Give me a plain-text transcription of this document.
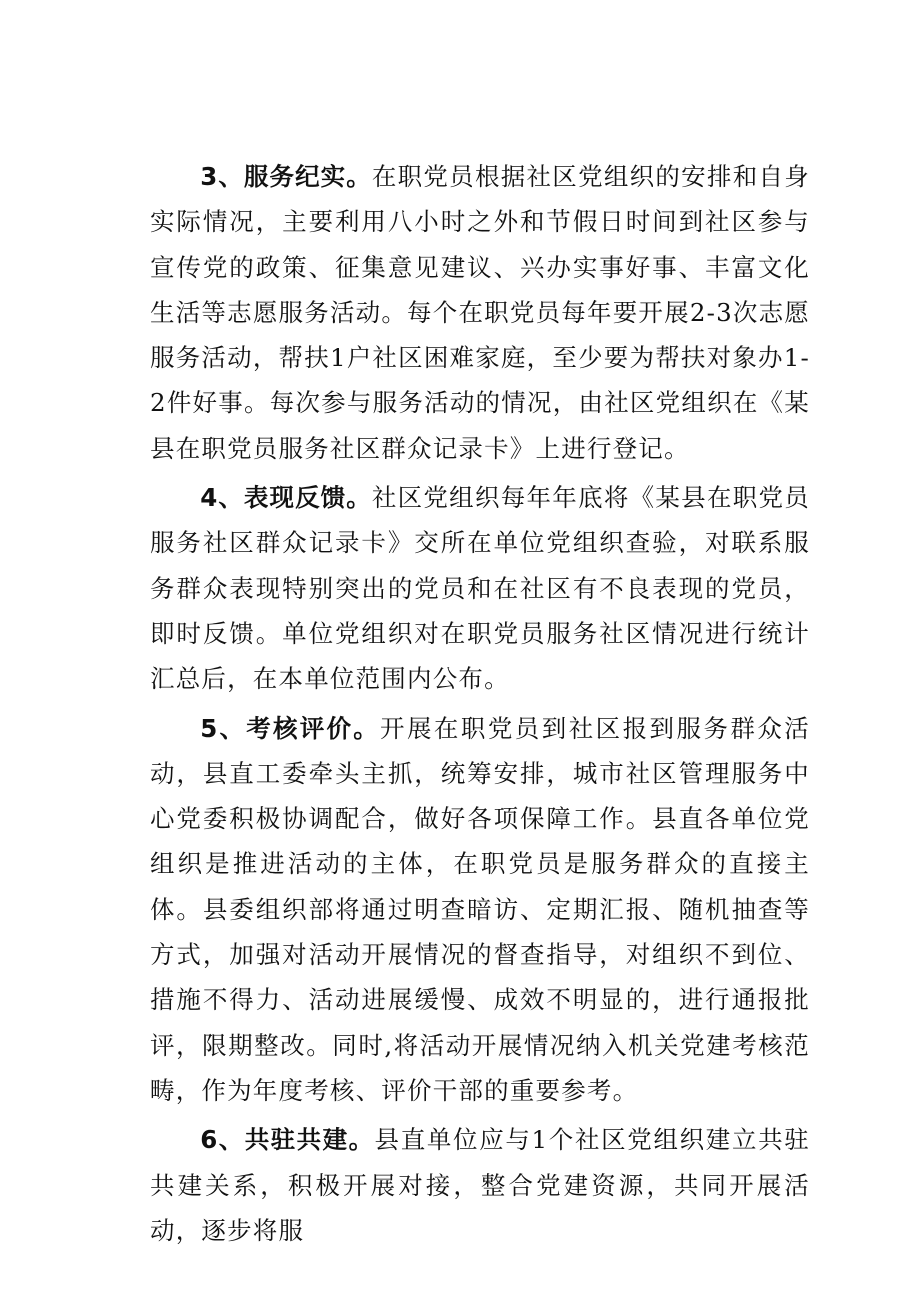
3、服务纪实。在职党员根据社区党组织的安排和自身实际情况，主要利用八小时之外和节假日时间到社区参与宣传党的政策、征集意见建议、兴办实事好事、丰富文化生活等志愿服务活动。每个在职党员每年要开展2-3次志愿服务活动，帮扶1户社区困难家庭，至少要为帮扶对象办1-2件好事。每次参与服务活动的情况，由社区党组织在《某县在职党员服务社区群众记录卡》上进行登记。

4、表现反馈。社区党组织每年年底将《某县在职党员服务社区群众记录卡》交所在单位党组织查验，对联系服务群众表现特别突出的党员和在社区有不良表现的党员，即时反馈。单位党组织对在职党员服务社区情况进行统计汇总后，在本单位范围内公布。

5、考核评价。开展在职党员到社区报到服务群众活动，县直工委牵头主抓，统筹安排，城市社区管理服务中心党委积极协调配合，做好各项保障工作。县直各单位党组织是推进活动的主体，在职党员是服务群众的直接主体。县委组织部将通过明查暗访、定期汇报、随机抽查等方式，加强对活动开展情况的督查指导，对组织不到位、措施不得力、活动进展缓慢、成效不明显的，进行通报批评，限期整改。同时,将活动开展情况纳入机关党建考核范畴，作为年度考核、评价干部的重要参考。

6、共驻共建。县直单位应与1个社区党组织建立共驻共建关系，积极开展对接，整合党建资源，共同开展活动，逐步将服
